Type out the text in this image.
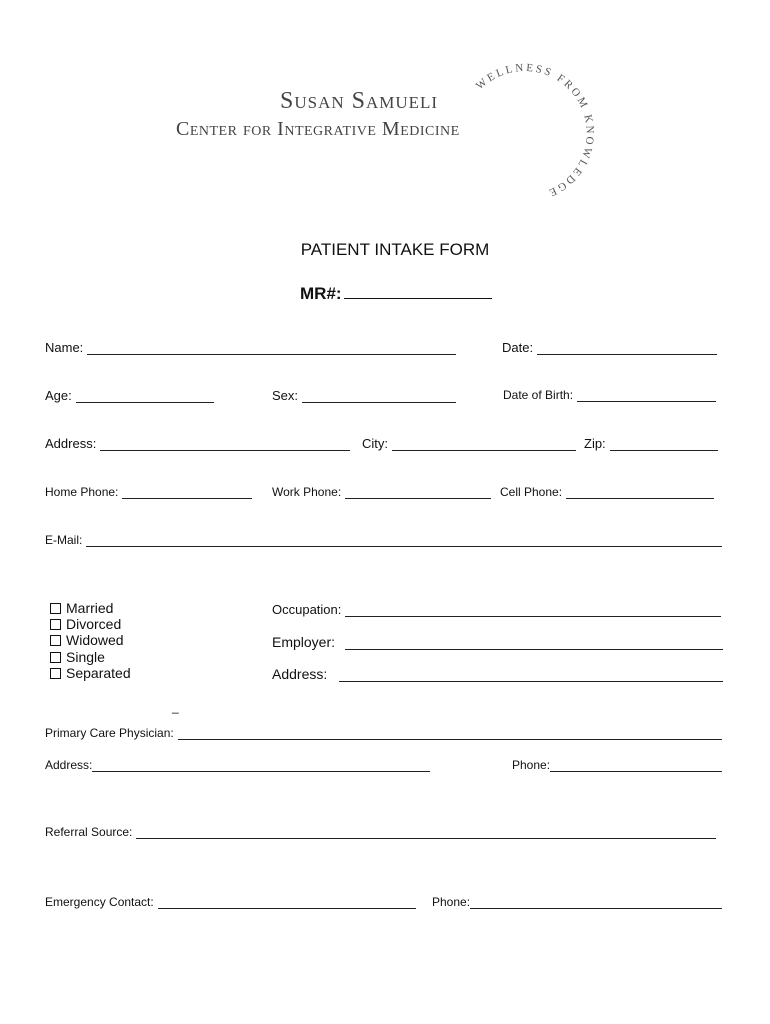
Susan Samueli
Center for Integrative Medicine
WELLNESS FROM KNOWLEDGE
PATIENT INTAKE FORM
MR#:
Name:	Date:
Age:	Sex:	Date of Birth:
Address:	City:	Zip:
Home Phone:	Work Phone:	Cell Phone:
E-Mail:
Married
Divorced
Widowed
Single
Separated
Occupation:
Employer:
Address:
_
Primary Care Physician:
Address:	Phone:
Referral Source:
Emergency Contact:	Phone:
